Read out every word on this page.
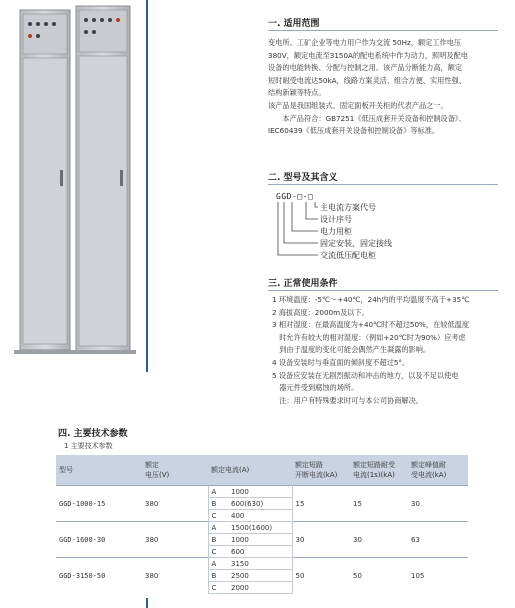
一. 适用范围

变电所、工矿企业等电力用户作为交流 50Hz，额定工作电压

380V，额定电流至3150A的配电系统中作为动力，照明及配电

设备的电能转换、分配与控制之用。该产品分断能力高，额定

短时耐受电流达50kA，线路方案灵活、组合方便、实用性强、

结构新颖等特点。

该产品是我国组装式、固定面板开关柜的代表产品之一。

　　本产品符合：GB7251《低压成套开关设备和控制设备》、

IEC60439《低压成套开关设备和控制设备》等标准。

二. 型号及其含义
GGD-□-□
主电流方案代号
设计序号
电力用柜
固定安装、固定接线
交流低压配电柜
三. 正常使用条件
1 环境温度：-5℃～+40℃，24h内的平均温度不高于+35℃
2 海拔高度：2000m及以下。
3 相对湿度：在最高温度为+40℃时不超过50%，在较低温度
　时允许有较大的相对湿度：（例如+20℃时为90%）应考虑
　到由于温度的变化可能会偶然产生凝露的影响。
4 设备安装时与垂直面的倾斜度不超过5°。
5 设备应安装在无剧烈振动和冲击的地方，以及不足以使电
　器元件受到腐蚀的场所。
　注：用户有特殊要求时可与本公司协商解决。
四. 主要技术参数
1 主要技术参数
型号	额定
电压(V)	额定电流(A)		额定短路
开断电流(kA)	额定短路耐受
电流(1s)(kA)	额定峰值耐
受电流(kA)
GGD-1000-15	380	A	1000	15	15	30
		B	600(630)			
		C	400			
GGD-1600-30	380	A	1500(1600)	30	30	63
		B	1000			
		C	600			
GGD-3150-50	380	A	3150	50	50	105
		B	2500			
		C	2000			
